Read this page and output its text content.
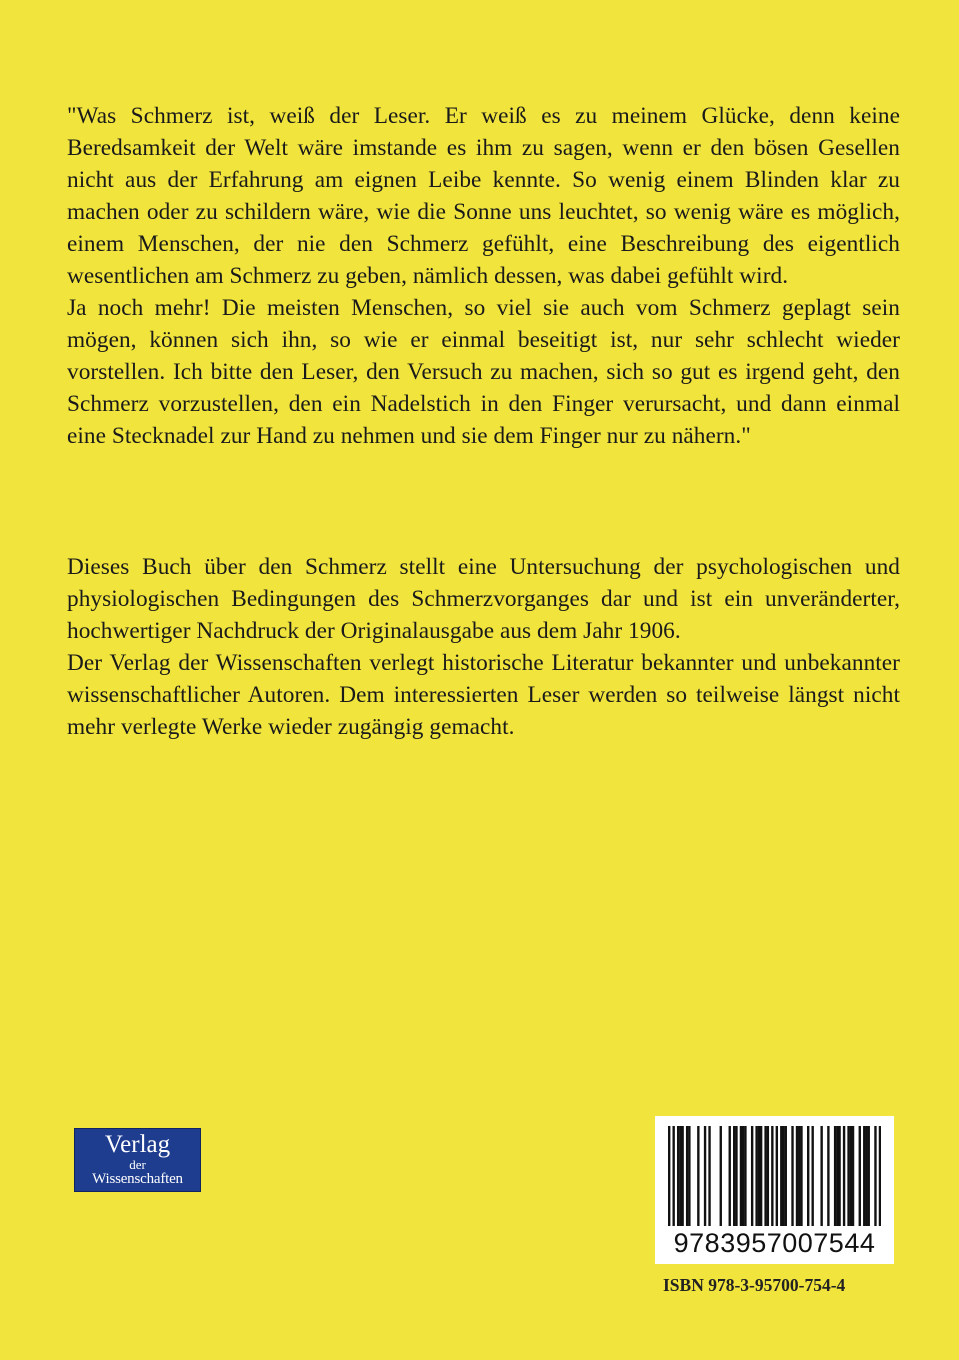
"Was Schmerz ist, weiß der Leser. Er weiß es zu meinem Glücke, denn keine Beredsamkeit der Welt wäre imstande es ihm zu sagen, wenn er den bösen Gesellen nicht aus der Erfahrung am eignen Leibe kennte. So wenig einem Blinden klar zu machen oder zu schildern wäre, wie die Sonne uns leuchtet, so wenig wäre es möglich, einem Menschen, der nie den Schmerz gefühlt, eine Beschreibung des eigentlich wesentlichen am Schmerz zu geben, nämlich dessen, was dabei gefühlt wird.

Ja noch mehr! Die meisten Menschen, so viel sie auch vom Schmerz geplagt sein mögen, können sich ihn, so wie er einmal beseitigt ist, nur sehr schlecht wieder vorstellen. Ich bitte den Leser, den Versuch zu machen, sich so gut es irgend geht, den Schmerz vorzustellen, den ein Nadelstich in den Finger verursacht, und dann einmal eine Stecknadel zur Hand zu nehmen und sie dem Finger nur zu nähern."

Dieses Buch über den Schmerz stellt eine Untersuchung der psychologischen und physiologischen Bedingungen des Schmerzvorganges dar und ist ein unveränderter, hochwertiger Nachdruck der Originalausgabe aus dem Jahr 1906.

Der Verlag der Wissenschaften verlegt historische Literatur bekannter und unbekannter wissenschaftlicher Autoren. Dem interessierten Leser werden so teilweise längst nicht mehr verlegte Werke wieder zugängig gemacht.

Verlag
der
Wissenschaften
9783957007544
ISBN 978-3-95700-754-4
